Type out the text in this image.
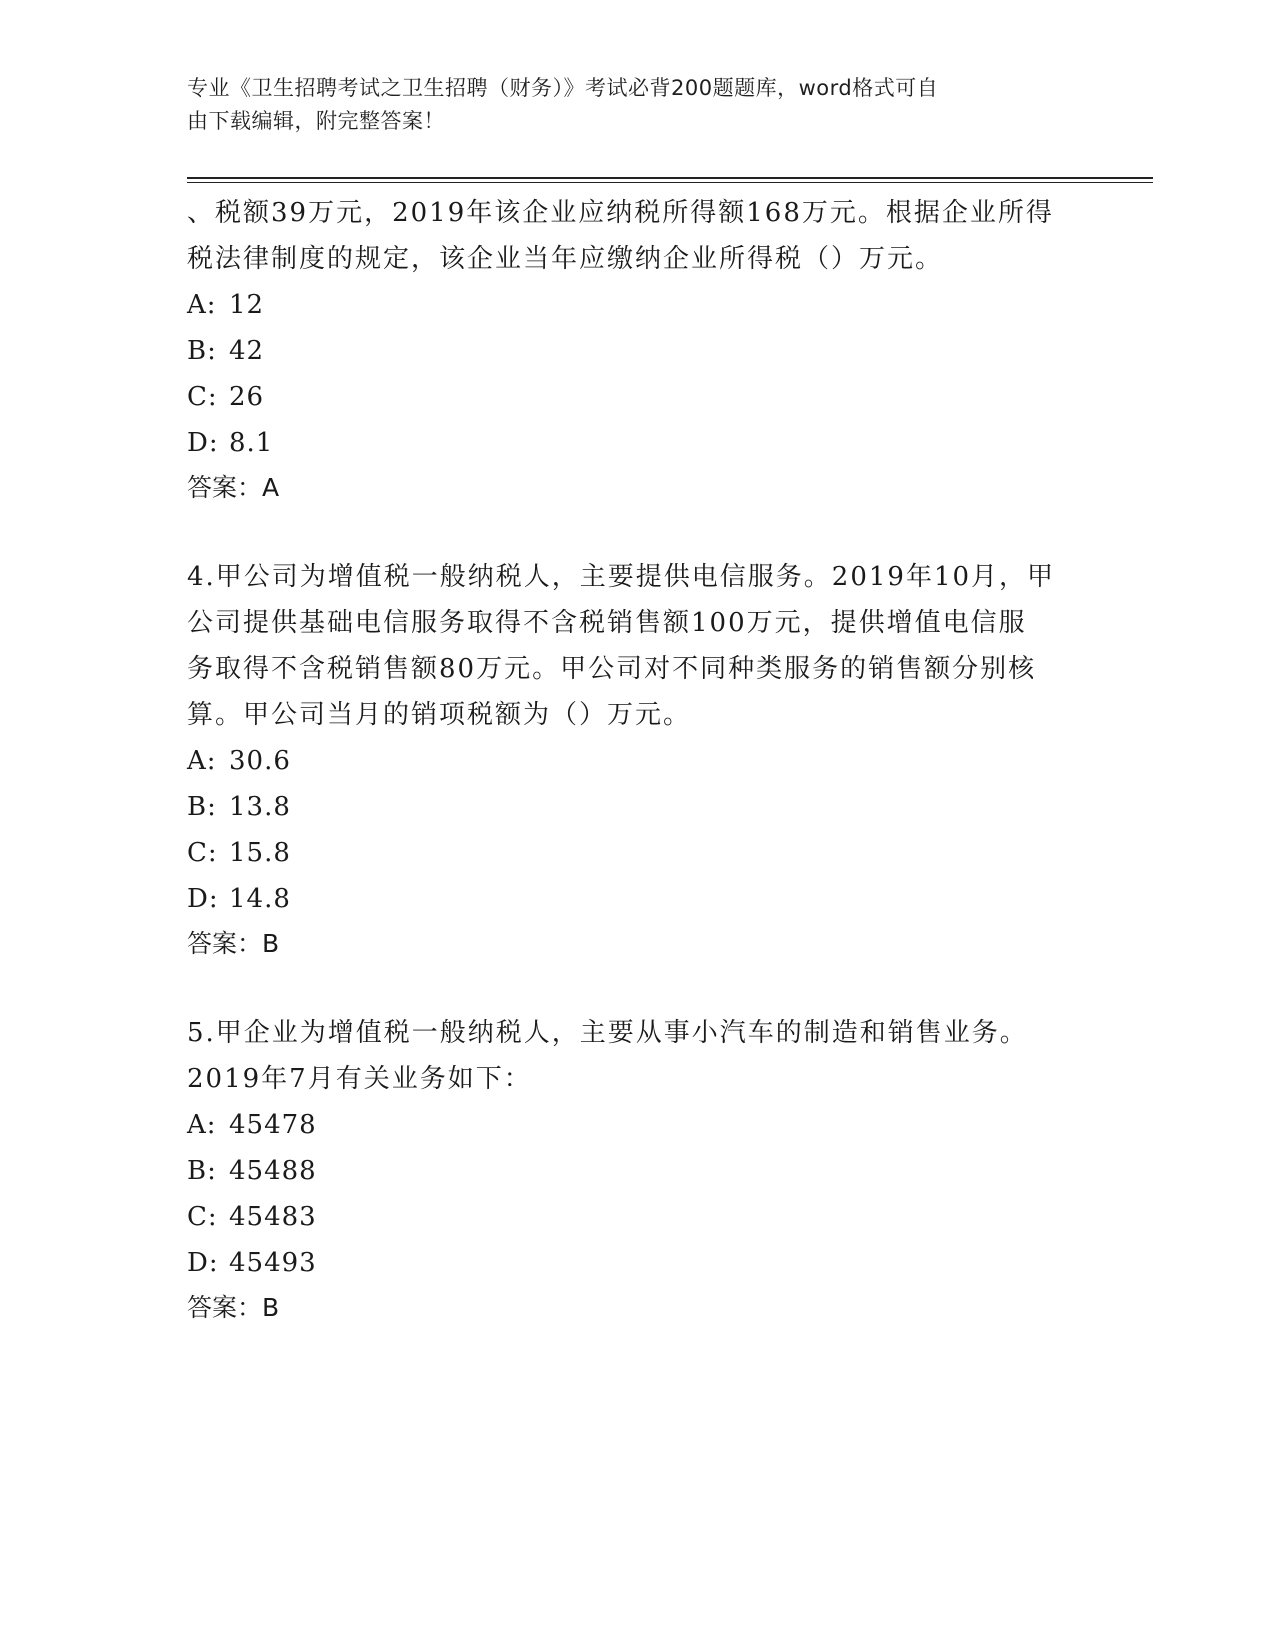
专业《卫生招聘考试之卫生招聘（财务）》考试必背200题题库，word格式可自
由下载编辑，附完整答案！

、税额39万元，2019年该企业应纳税所得额168万元。根据企业所得

税法律制度的规定，该企业当年应缴纳企业所得税（）万元。

A: 12

B: 42

C: 26

D: 8.1

答案：A

4.甲公司为增值税一般纳税人，主要提供电信服务。2019年10月，甲

公司提供基础电信服务取得不含税销售额100万元，提供增值电信服

务取得不含税销售额80万元。甲公司对不同种类服务的销售额分别核

算。甲公司当月的销项税额为（）万元。

A: 30.6

B: 13.8

C: 15.8

D: 14.8

答案：B

5.甲企业为增值税一般纳税人，主要从事小汽车的制造和销售业务。

2019年7月有关业务如下：

A: 45478

B: 45488

C: 45483

D: 45493

答案：B
